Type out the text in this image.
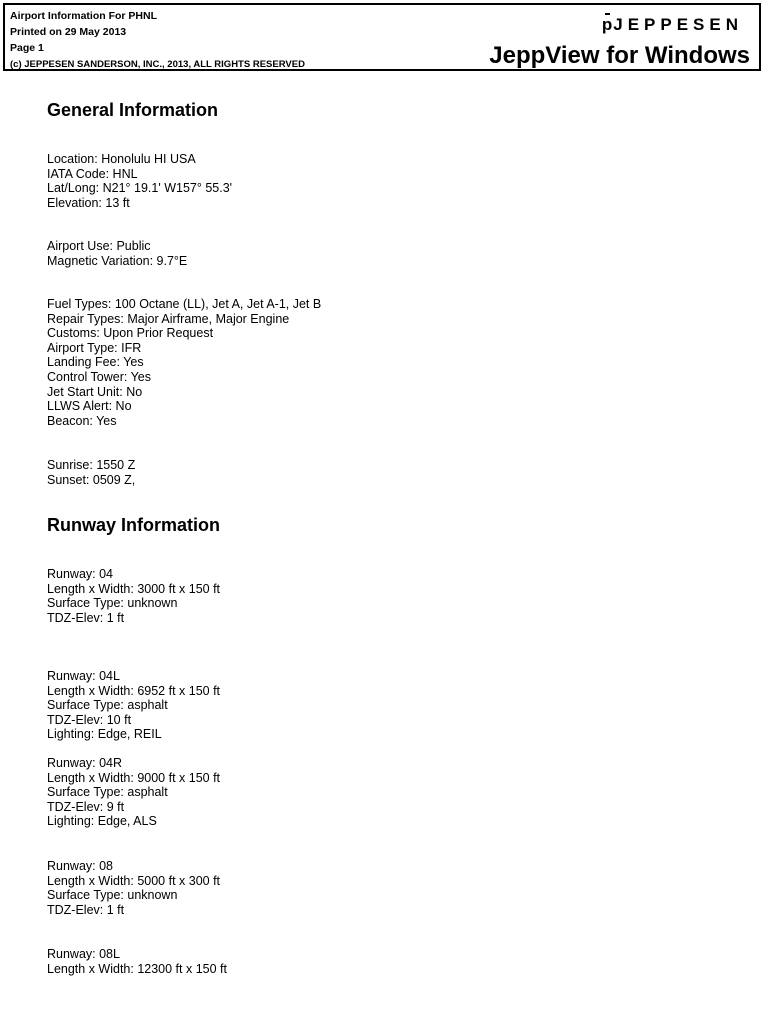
Airport Information For PHNL
Printed on 29 May 2013
Page 1
(c) JEPPESEN SANDERSON, INC., 2013, ALL RIGHTS RESERVED
p JEPPESEN
JeppView for Windows
General Information
Location: Honolulu HI USA
IATA Code: HNL
Lat/Long: N21° 19.1' W157° 55.3'
Elevation: 13 ft
Airport Use: Public
Magnetic Variation: 9.7°E
Fuel Types: 100 Octane (LL), Jet A, Jet A-1, Jet B
Repair Types: Major Airframe, Major Engine
Customs: Upon Prior Request
Airport Type: IFR
Landing Fee: Yes
Control Tower: Yes
Jet Start Unit: No
LLWS Alert: No
Beacon: Yes
Sunrise: 1550 Z
Sunset: 0509 Z,
Runway Information
Runway: 04
Length x Width: 3000 ft x 150 ft
Surface Type: unknown
TDZ-Elev: 1 ft
Runway: 04L
Length x Width: 6952 ft x 150 ft
Surface Type: asphalt
TDZ-Elev: 10 ft
Lighting: Edge, REIL
Runway: 04R
Length x Width: 9000 ft x 150 ft
Surface Type: asphalt
TDZ-Elev: 9 ft
Lighting: Edge, ALS
Runway: 08
Length x Width: 5000 ft x 300 ft
Surface Type: unknown
TDZ-Elev: 1 ft
Runway: 08L
Length x Width: 12300 ft x 150 ft
